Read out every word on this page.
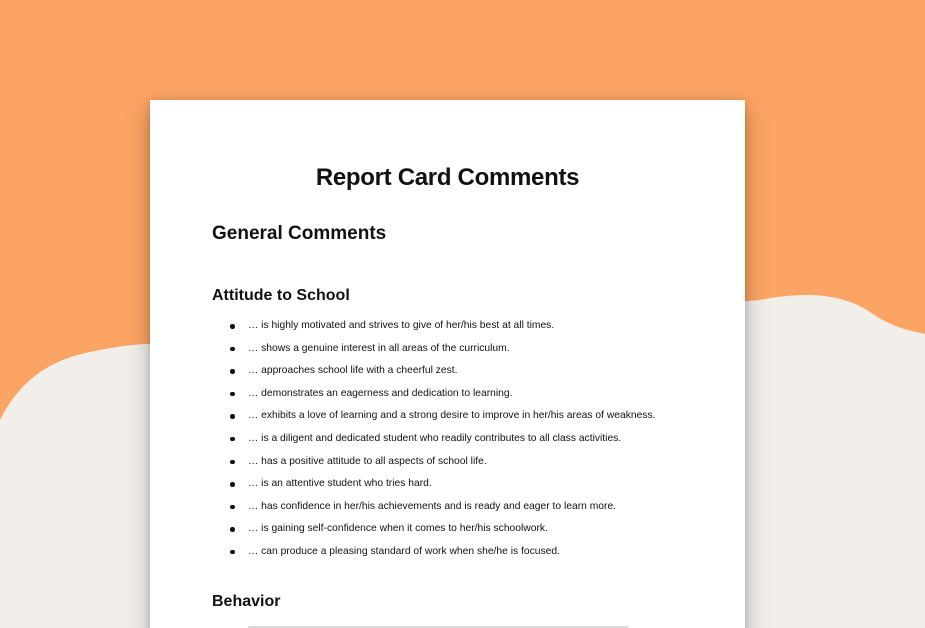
Report Card Comments
General Comments
Attitude to School
… is highly motivated and strives to give of her/his best at all times.
… shows a genuine interest in all areas of the curriculum.
… approaches school life with a cheerful zest.
… demonstrates an eagerness and dedication to learning.
… exhibits a love of learning and a strong desire to improve in her/his areas of weakness.
… is a diligent and dedicated student who readily contributes to all class activities.
… has a positive attitude to all aspects of school life.
… is an attentive student who tries hard.
… has confidence in her/his achievements and is ready and eager to learn more.
… is gaining self-confidence when it comes to her/his schoolwork.
… can produce a pleasing standard of work when she/he is focused.
Behavior
